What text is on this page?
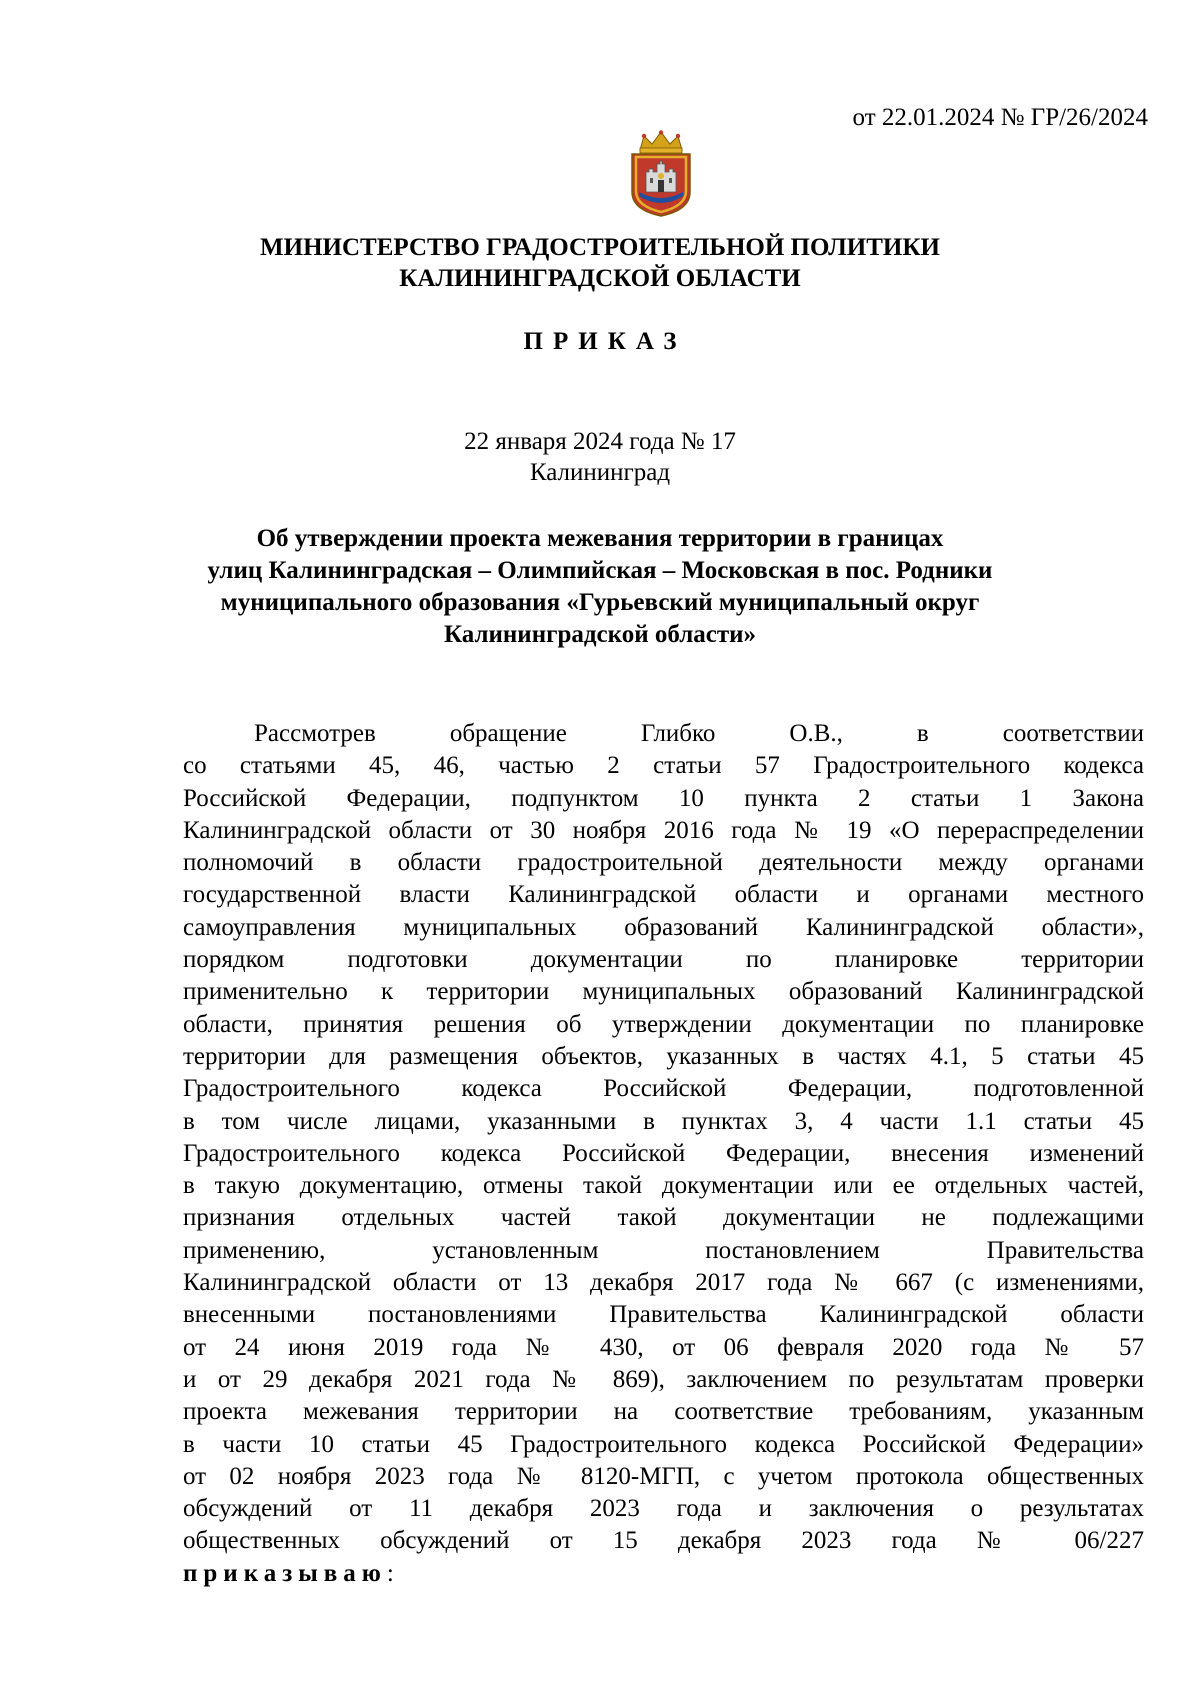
от 22.01.2024 № ГР/26/2024
МИНИСТЕРСТВО ГРАДОСТРОИТЕЛЬНОЙ ПОЛИТИКИ
КАЛИНИНГРАДСКОЙ ОБЛАСТИ
ПРИКАЗ
22 января 2024 года № 17
Калининград
Об утверждении проекта межевания территории в границах
улиц Калининградская – Олимпийская – Московская в пос. Родники
муниципального образования «Гурьевский муниципальный округ
Калининградской области»
Рассмотрев обращение Глибко О.В., в соответствии
со статьями 45, 46, частью 2 статьи 57 Градостроительного кодекса
Российской Федерации, подпунктом 10 пункта 2 статьи 1 Закона
Калининградской области от 30 ноября 2016 года № 19 «О перераспределении
полномочий в области градостроительной деятельности между органами
государственной власти Калининградской области и органами местного
самоуправления муниципальных образований Калининградской области»,
порядком подготовки документации по планировке территории
применительно к территории муниципальных образований Калининградской
области, принятия решения об утверждении документации по планировке
территории для размещения объектов, указанных в частях 4.1, 5 статьи 45
Градостроительного кодекса Российской Федерации, подготовленной
в том числе лицами, указанными в пунктах 3, 4 части 1.1 статьи 45
Градостроительного кодекса Российской Федерации, внесения изменений
в такую документацию, отмены такой документации или ее отдельных частей,
признания отдельных частей такой документации не подлежащими
применению, установленным постановлением Правительства
Калининградской области от 13 декабря 2017 года № 667 (с изменениями,
внесенными постановлениями Правительства Калининградской области
от 24 июня 2019 года № 430, от 06 февраля 2020 года № 57
и от 29 декабря 2021 года № 869), заключением по результатам проверки
проекта межевания территории на соответствие требованиям, указанным
в части 10 статьи 45 Градостроительного кодекса Российской Федерации»
от 02 ноября 2023 года № 8120-МГП, с учетом протокола общественных
обсуждений от 11 декабря 2023 года и заключения о результатах
общественных обсуждений от 15 декабря 2023 года № 06/227
приказываю:
